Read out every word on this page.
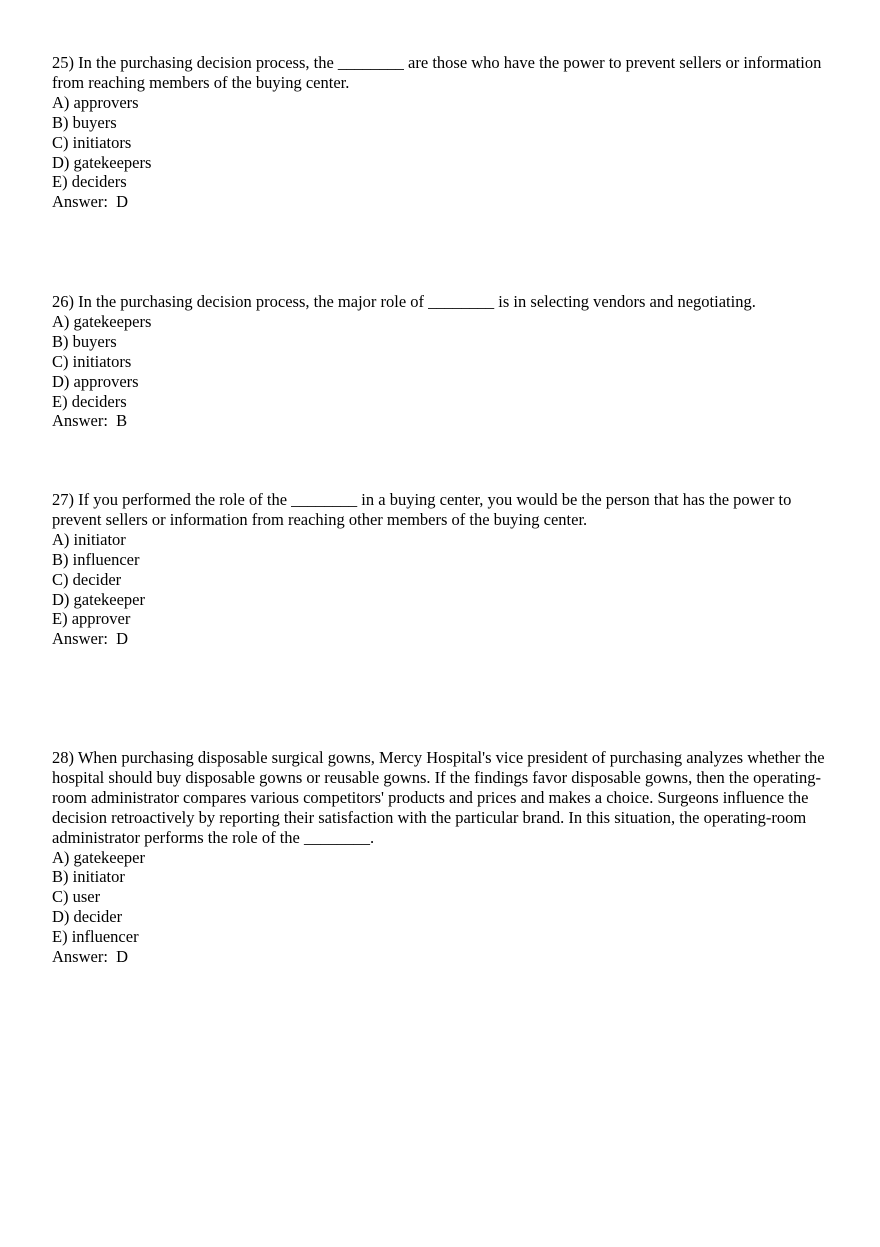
25) In the purchasing decision process, the ________ are those who have the power to prevent sellers or information from reaching members of the buying center.

A) approvers
B) buyers
C) initiators
D) gatekeepers
E) deciders

Answer:  D

26) In the purchasing decision process, the major role of ________ is in selecting vendors and negotiating.

A) gatekeepers
B) buyers
C) initiators
D) approvers
E) deciders

Answer:  B

27) If you performed the role of the ________ in a buying center, you would be the person that has the power to prevent sellers or information from reaching other members of the buying center.

A) initiator
B) influencer
C) decider
D) gatekeeper
E) approver

Answer:  D

28) When purchasing disposable surgical gowns, Mercy Hospital's vice president of purchasing analyzes whether the hospital should buy disposable gowns or reusable gowns. If the findings favor disposable gowns, then the operating-room administrator compares various competitors' products and prices and makes a choice. Surgeons influence the decision retroactively by reporting their satisfaction with the particular brand. In this situation, the operating-room administrator performs the role of the ________.

A) gatekeeper
B) initiator
C) user
D) decider
E) influencer

Answer:  D
